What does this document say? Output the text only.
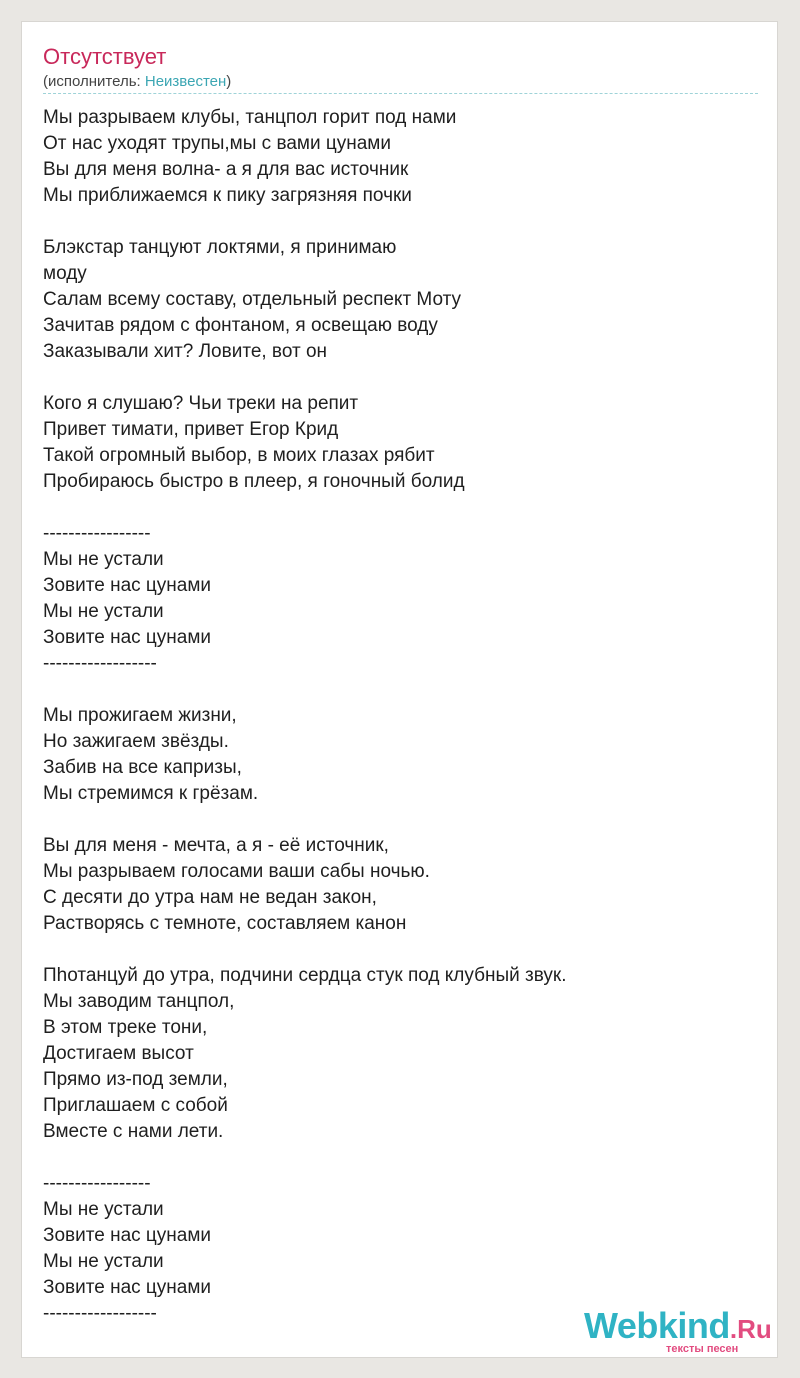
Отсутствует
(исполнитель: Неизвестен)
Мы разрываем клубы, танцпол горит под нами
От нас уходят трупы,мы с вами цунами
Вы для меня волна- а я для вас источник
Мы приближаемся к пику загрязняя почки
Блэкстар танцуют локтями, я принимаю
моду
Салам всему составу, отдельный респект Моту
Зачитав рядом с фонтаном, я освещаю воду
Заказывали хит? Ловите, вот он
Кого я слушаю? Чьи треки на репит
Привет тимати, привет Егор Крид
Такой огромный выбор, в моих глазах рябит
Пробираюсь быстро в плеер, я гоночный болид
-----------------
Мы не устали
Зовите нас цунами
Мы не устали
Зовите нас цунами
------------------
Мы прожигаем жизни,
Но зажигаем звёзды.
Забив на все капризы,
Мы стремимся к грёзам.
Вы для меня - мечта, а я - её источник,
Мы разрываем голосами ваши сабы ночью.
С десяти до утра нам не ведан закон,
Растворясь с темноте, составляем канон
Пhотанцуй до утра, подчини сердца стук под клубный звук.
Мы заводим танцпол,
В этом треке тони,
Достигаем высот
Прямо из-под земли,
Приглашаем с собой
Вместе с нами лети.
-----------------
Мы не устали
Зовите нас цунами
Мы не устали
Зовите нас цунами
------------------	Webkind.Ru
тексты песен
